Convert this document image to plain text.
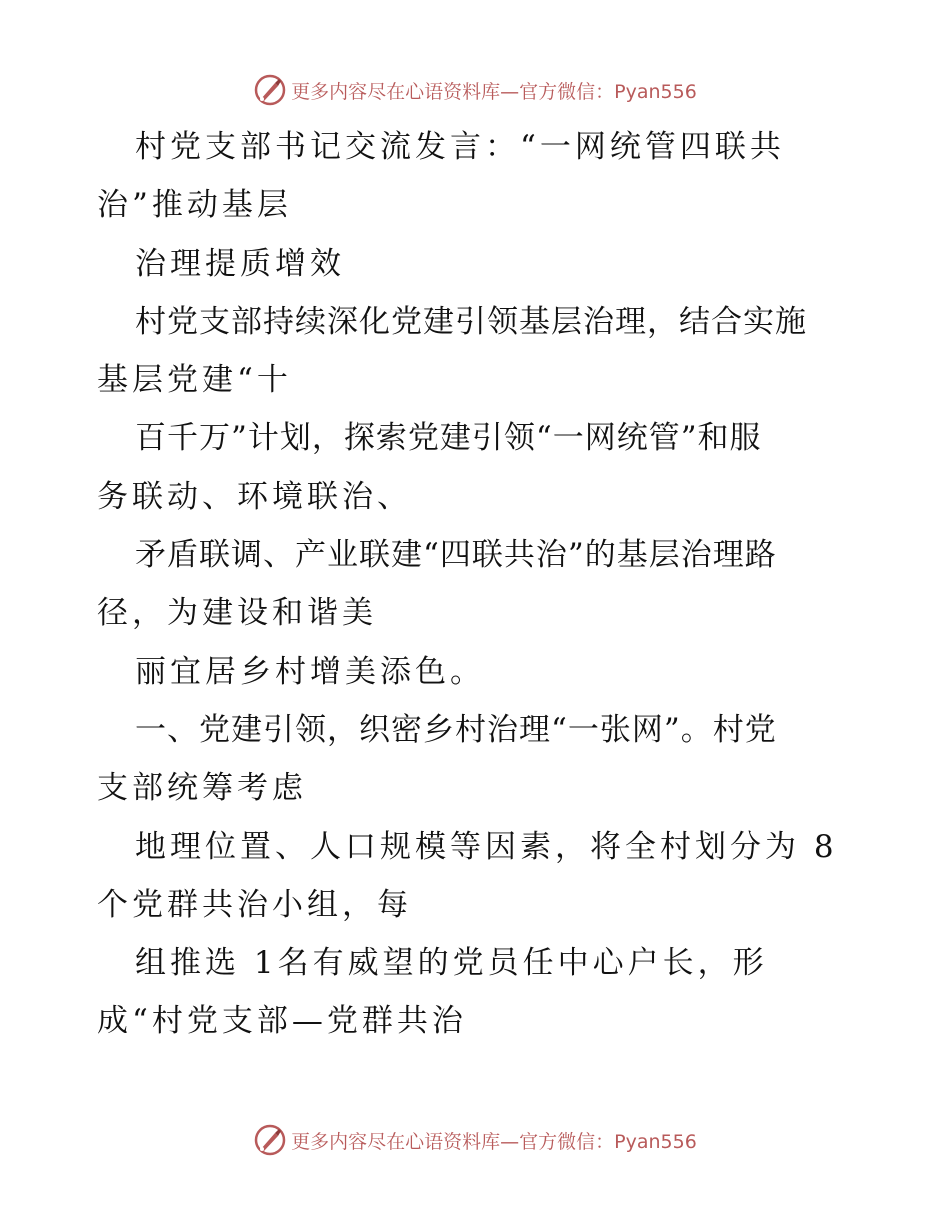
更多内容尽在心语资料库—官方微信：Pyan556
村党支部书记交流发言：“一网统管四联共
治”推动基层
治理提质增效
村党支部持续深化党建引领基层治理，结合实施
基层党建“十
百千万”计划，探索党建引领“一网统管”和服
务联动、环境联治、
矛盾联调、产业联建“四联共治”的基层治理路
径，为建设和谐美
丽宜居乡村增美添色。
一、党建引领，织密乡村治理“一张网”。村党
支部统筹考虑
地理位置、人口规模等因素，将全村划分为 8
个党群共治小组，每
组推选 1名有威望的党员任中心户长，形
成“村党支部—党群共治
更多内容尽在心语资料库—官方微信：Pyan556
